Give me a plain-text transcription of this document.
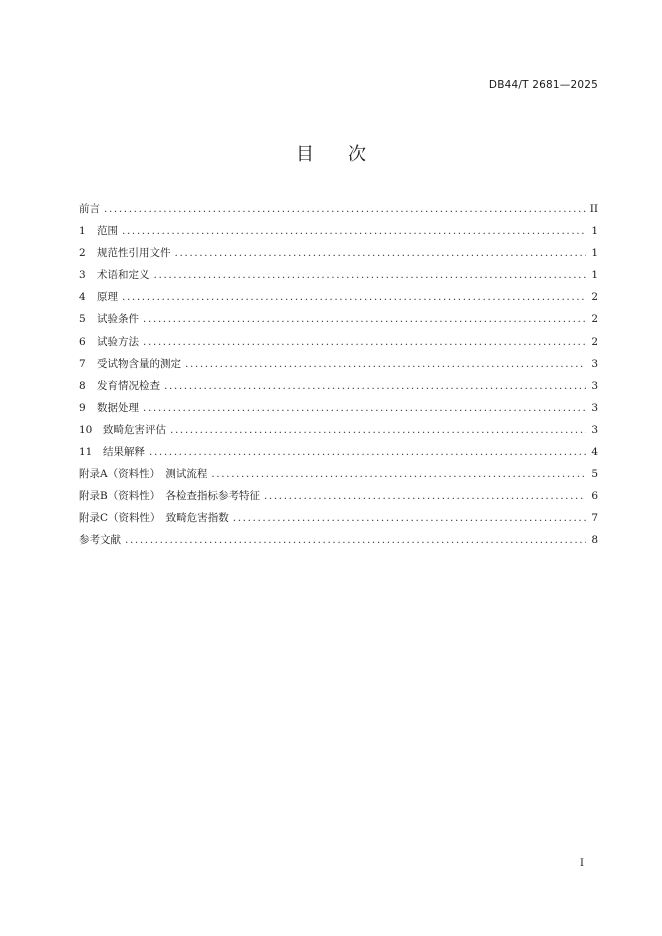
DB44/T 2681—2025
目次
前言 .....	II
1	范围 .....	1
2	规范性引用文件 .....	1
3	术语和定义 .....	1
4	原理 .....	2
5	试验条件 .....	2
6	试验方法 .....	2
7	受试物含量的测定 .....	3
8	发育情况检查 .....	3
9	数据处理 .....	3
10	致畸危害评估 .....	3
11	结果解释 .....	4
附录A（资料性）　测试流程 .....	5
附录B（资料性）　各检查指标参考特征 .....	6
附录C（资料性）　致畸危害指数 .....	7
参考文献 .....	8
I
